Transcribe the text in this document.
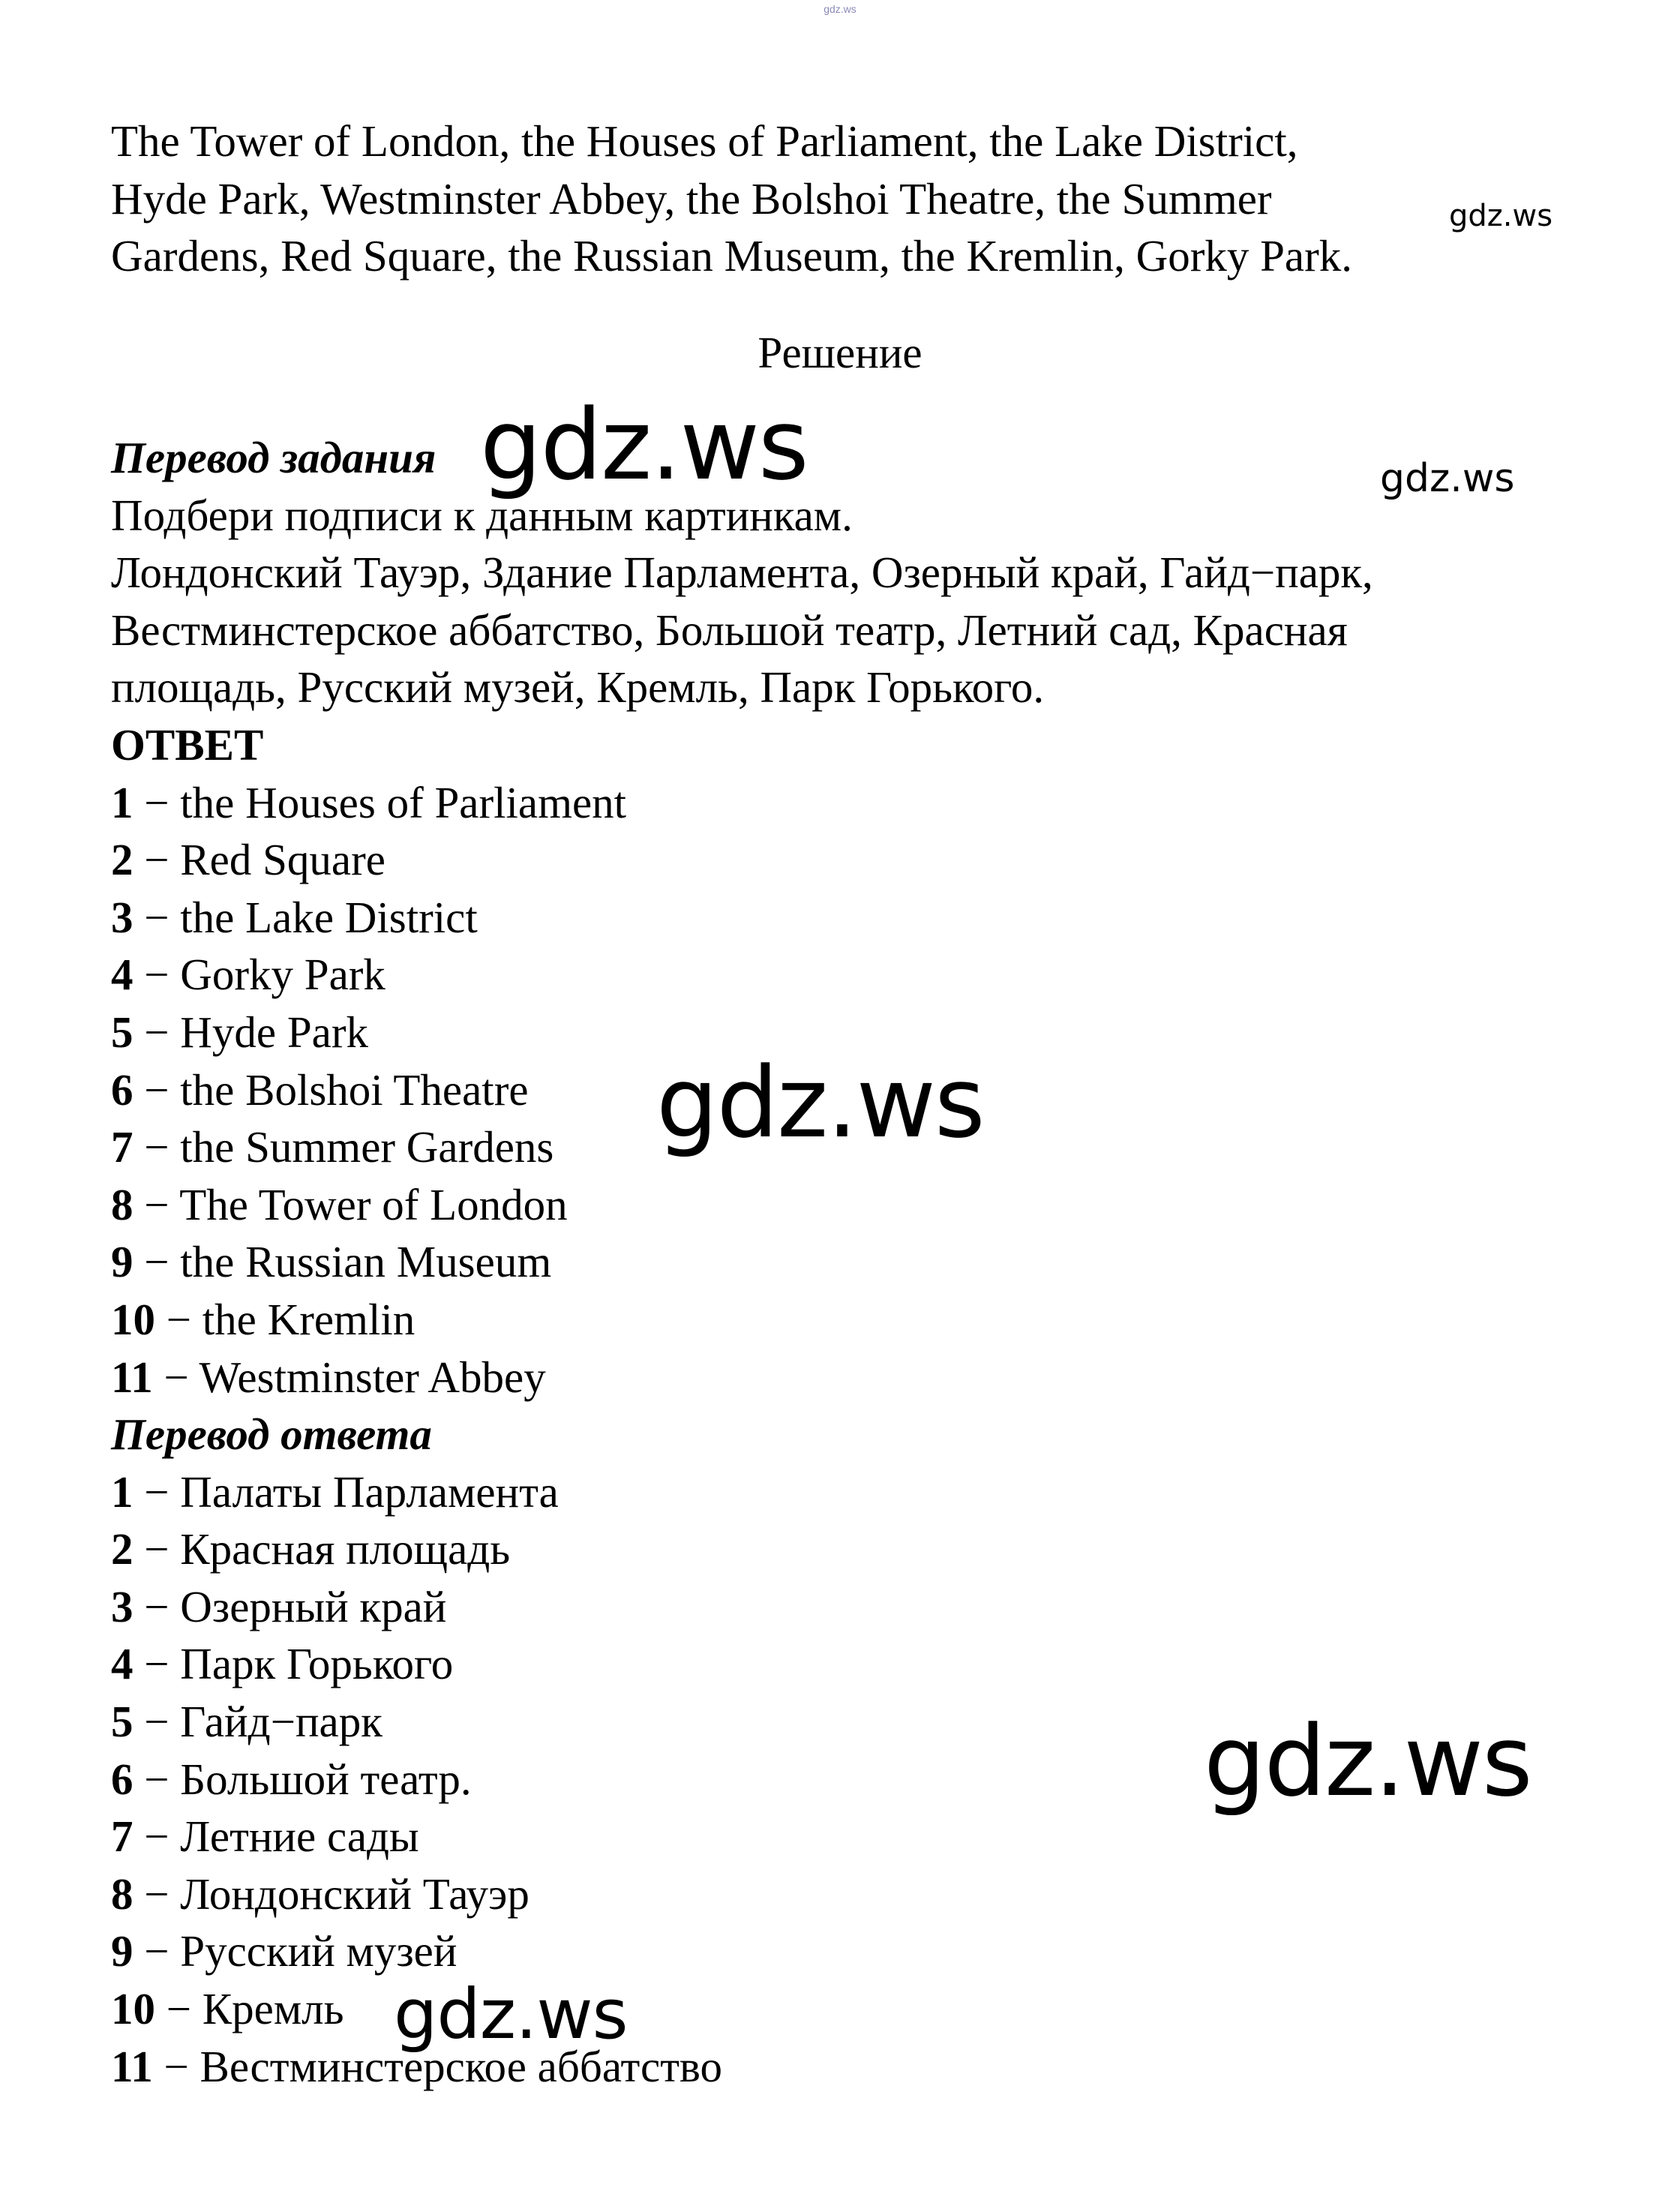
gdz.ws
The Tower of London, the Houses of Parliament, the Lake District,
Hyde Park, Westminster Abbey, the Bolshoi Theatre, the Summer
Gardens, Red Square, the Russian Museum, the Kremlin, Gorky Park.
Решение
Перевод задания
Подбери подписи к данным картинкам.
Лондонский Тауэр, Здание Парламента, Озерный край, Гайд−парк,
Вестминстерское аббатство, Большой театр, Летний сад, Красная
площадь, Русский музей, Кремль, Парк Горького.
ОТВЕТ
1 − the Houses of Parliament
2 − Red Square
3 − the Lake District
4 − Gorky Park
5 − Hyde Park
6 − the Bolshoi Theatre
7 − the Summer Gardens
8 − The Tower of London
9 − the Russian Museum
10 − the Kremlin
11 − Westminster Abbey
Перевод ответа
1 − Палаты Парламента
2 − Красная площадь
3 − Озерный край
4 − Парк Горького
5 − Гайд−парк
6 − Большой театр.
7 − Летние сады
8 − Лондонский Тауэр
9 − Русский музей
10 − Кремль
11 − Вестминстерское аббатство
gdz.ws	gdz.ws
gdz.ws
gdz.ws
gdz.ws
gdz.ws
